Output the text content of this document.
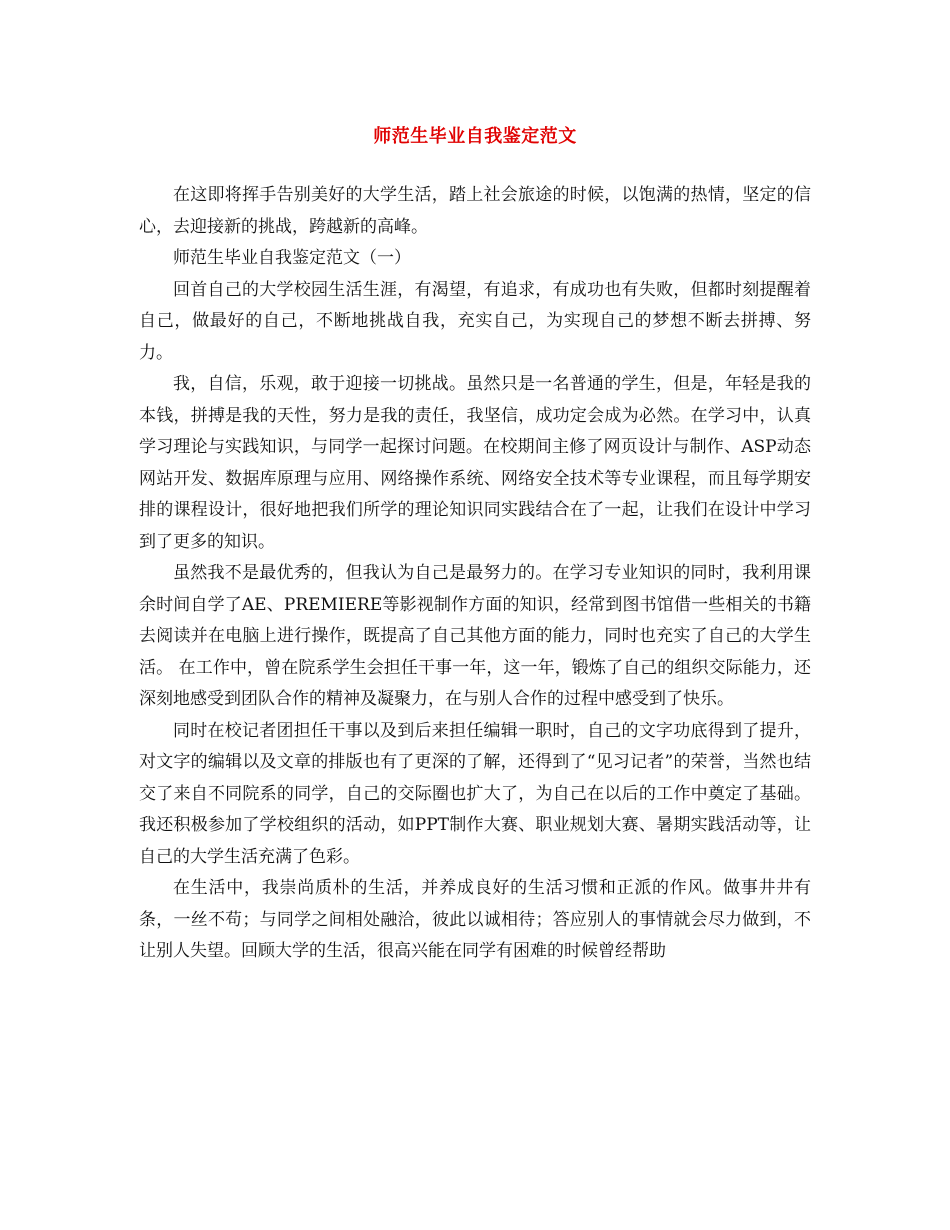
师范生毕业自我鉴定范文

在这即将挥手告别美好的大学生活，踏上社会旅途的时候，以饱满的热情，坚定的信心，去迎接新的挑战，跨越新的高峰。

师范生毕业自我鉴定范文（一）

回首自己的大学校园生活生涯，有渴望，有追求，有成功也有失败，但都时刻提醒着自己，做最好的自己，不断地挑战自我，充实自己，为实现自己的梦想不断去拼搏、努力。

我，自信，乐观，敢于迎接一切挑战。虽然只是一名普通的学生，但是，年轻是我的本钱，拼搏是我的天性，努力是我的责任，我坚信，成功定会成为必然。在学习中，认真学习理论与实践知识，与同学一起探讨问题。在校期间主修了网页设计与制作、ASP动态网站开发、数据库原理与应用、网络操作系统、网络安全技术等专业课程，而且每学期安排的课程设计，很好地把我们所学的理论知识同实践结合在了一起，让我们在设计中学习到了更多的知识。

虽然我不是最优秀的，但我认为自己是最努力的。在学习专业知识的同时，我利用课余时间自学了AE、PREMIERE等影视制作方面的知识，经常到图书馆借一些相关的书籍去阅读并在电脑上进行操作，既提高了自己其他方面的能力，同时也充实了自己的大学生活。 在工作中，曾在院系学生会担任干事一年，这一年，锻炼了自己的组织交际能力，还深刻地感受到团队合作的精神及凝聚力，在与别人合作的过程中感受到了快乐。

同时在校记者团担任干事以及到后来担任编辑一职时，自己的文字功底得到了提升，对文字的编辑以及文章的排版也有了更深的了解，还得到了“见习记者”的荣誉，当然也结交了来自不同院系的同学，自己的交际圈也扩大了，为自己在以后的工作中奠定了基础。我还积极参加了学校组织的活动，如PPT制作大赛、职业规划大赛、暑期实践活动等，让自己的大学生活充满了色彩。

在生活中，我崇尚质朴的生活，并养成良好的生活习惯和正派的作风。做事井井有条，一丝不苟；与同学之间相处融洽，彼此以诚相待；答应别人的事情就会尽力做到，不让别人失望。回顾大学的生活，很高兴能在同学有困难的时候曾经帮助
